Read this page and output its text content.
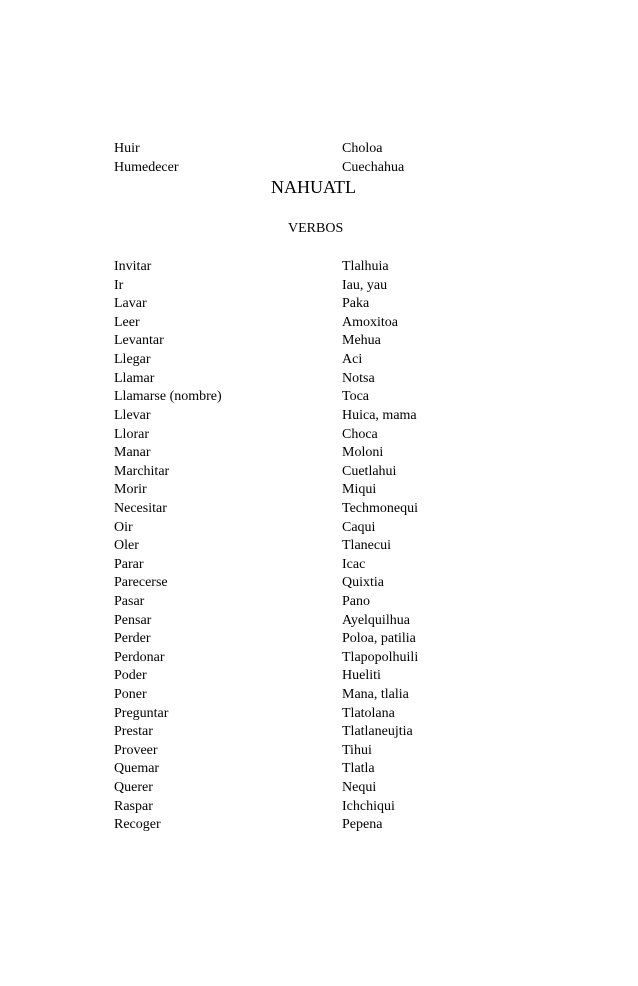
Huir	Choloa
Humedecer	Cuechahua
NAHUATL
VERBOS
Invitar	Tlalhuia
Ir	Iau, yau
Lavar	Paka
Leer	Amoxitoa
Levantar	Mehua
Llegar	Aci
Llamar	Notsa
Llamarse (nombre)	Toca
Llevar	Huica, mama
Llorar	Choca
Manar	Moloni
Marchitar	Cuetlahui
Morir	Miqui
Necesitar	Techmonequi
Oir	Caqui
Oler	Tlanecui
Parar	Icac
Parecerse	Quixtia
Pasar	Pano
Pensar	Ayelquilhua
Perder	Poloa, patilia
Perdonar	Tlapopolhuili
Poder	Hueliti
Poner	Mana, tlalia
Preguntar	Tlatolana
Prestar	Tlatlaneujtia
Proveer	Tihui
Quemar	Tlatla
Querer	Nequi
Raspar	Ichchiqui
Recoger	Pepena
